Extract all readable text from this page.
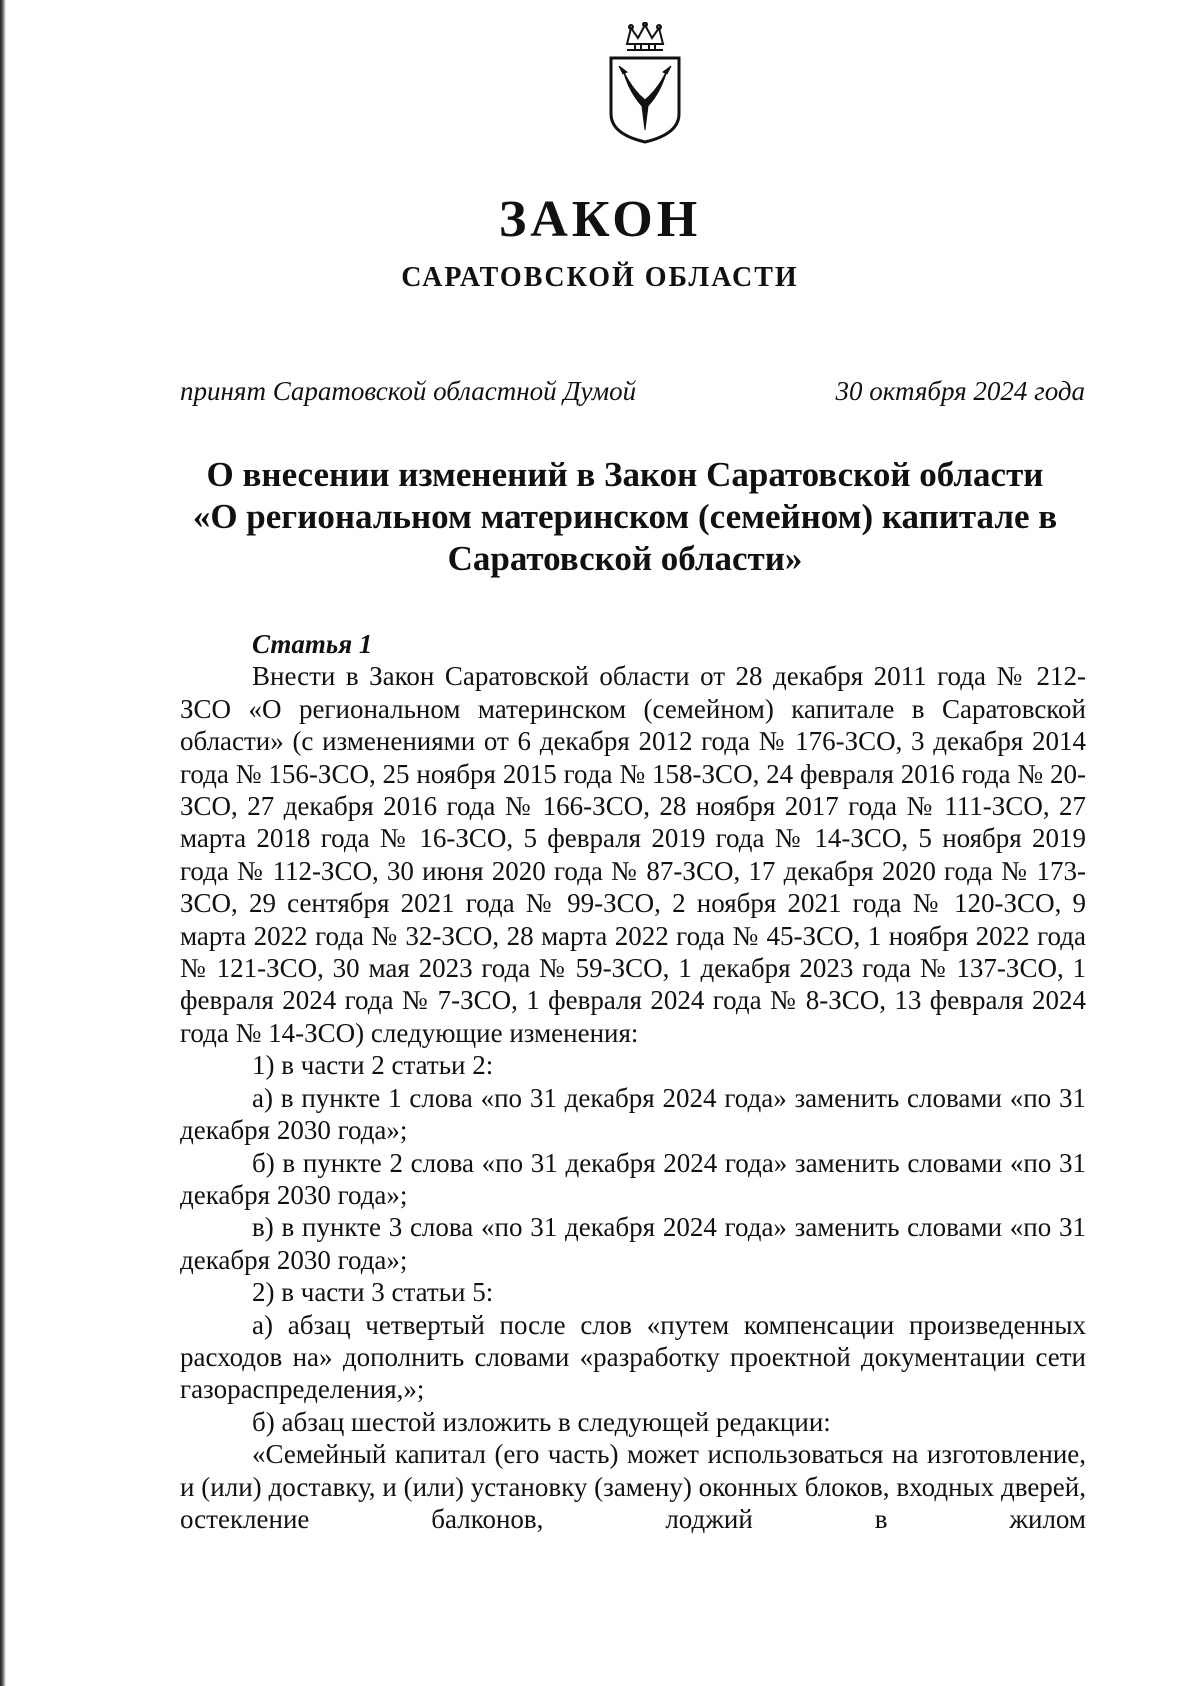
ЗАКОН
САРАТОВСКОЙ ОБЛАСТИ
принят Саратовской областной Думой	30 октября 2024 года
О внесении изменений в Закон Саратовской области
«О региональном материнском (семейном) капитале в
Саратовской области»

Статья 1

Внести в Закон Саратовской области от 28 декабря 2011 года № 212-ЗСО «О региональном материнском (семейном) капитале в Саратовской области» (с изменениями от 6 декабря 2012 года № 176-ЗСО, 3 декабря 2014 года № 156-ЗСО, 25 ноября 2015 года № 158-ЗСО, 24 февраля 2016 года № 20-ЗСО, 27 декабря 2016 года № 166-ЗСО, 28 ноября 2017 года № 111-ЗСО, 27 марта 2018 года № 16-ЗСО, 5 февраля 2019 года № 14-ЗСО, 5 ноября 2019 года № 112-ЗСО, 30 июня 2020 года № 87-ЗСО, 17 декабря 2020 года № 173-ЗСО, 29 сентября 2021 года № 99-ЗСО, 2 ноября 2021 года № 120-ЗСО, 9 марта 2022 года № 32-ЗСО, 28 марта 2022 года № 45-ЗСО, 1 ноября 2022 года № 121-ЗСО, 30 мая 2023 года № 59-ЗСО, 1 декабря 2023 года № 137-ЗСО, 1 февраля 2024 года № 7-ЗСО, 1 февраля 2024 года № 8-ЗСО, 13 февраля 2024 года № 14-ЗСО) следующие изменения:

1) в части 2 статьи 2:

а) в пункте 1 слова «по 31 декабря 2024 года» заменить словами «по 31 декабря 2030 года»;

б) в пункте 2 слова «по 31 декабря 2024 года» заменить словами «по 31 декабря 2030 года»;

в) в пункте 3 слова «по 31 декабря 2024 года» заменить словами «по 31 декабря 2030 года»;

2) в части 3 статьи 5:

а) абзац четвертый после слов «путем компенсации произведенных расходов на» дополнить словами «разработку проектной документации сети газораспределения,»;

б) абзац шестой изложить в следующей редакции:

«Семейный капитал (его часть) может использоваться на изготовление, и (или) доставку, и (или) установку (замену) оконных блоков, входных дверей, остекление балконов, лоджий в жилом
